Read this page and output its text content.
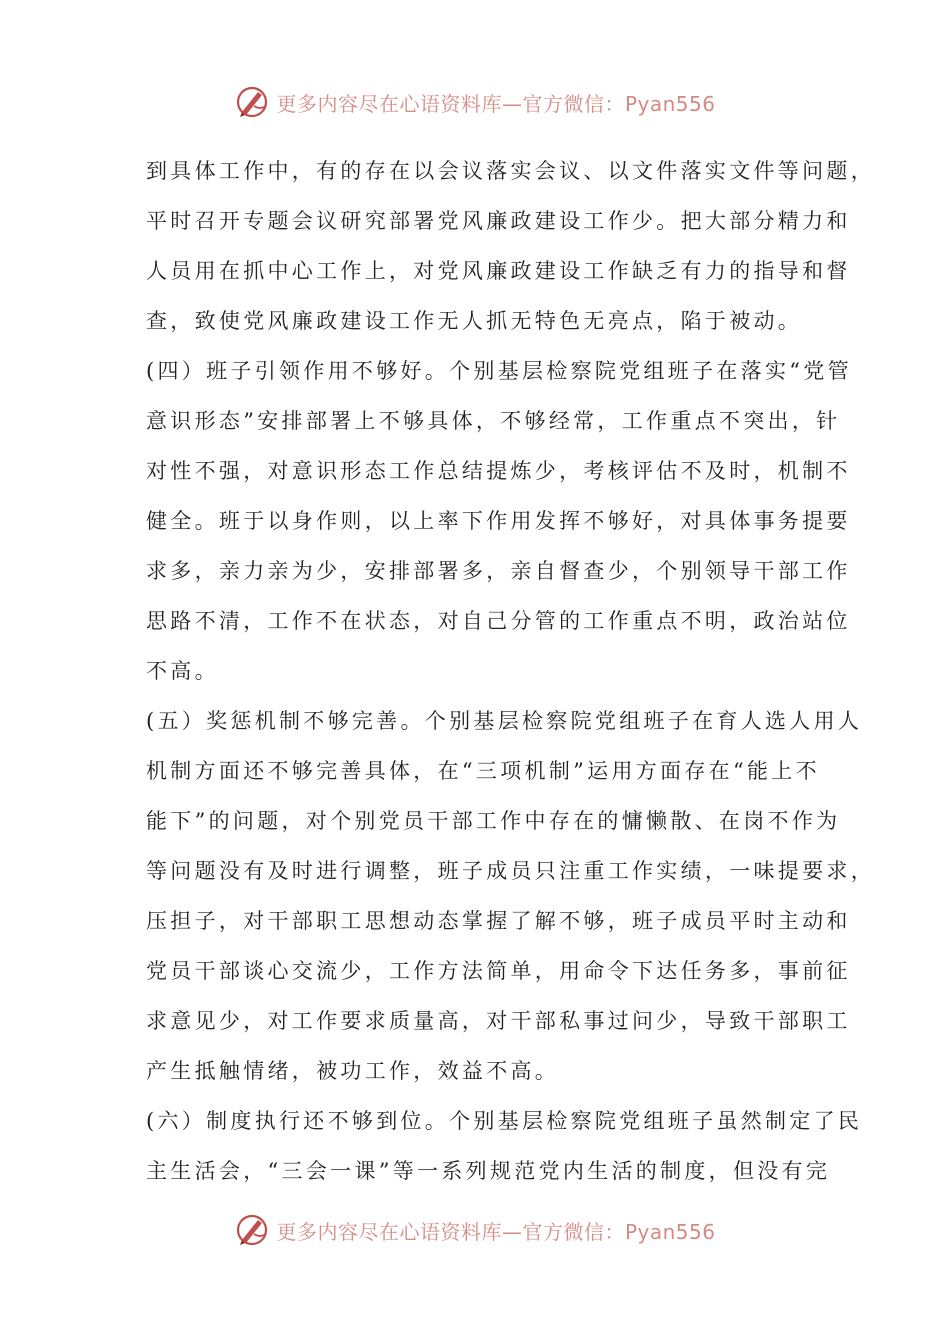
更多内容尽在心语资料库—官方微信：Pyan556
到具体工作中，有的存在以会议落实会议、以文件落实文件等问题，
平时召开专题会议研究部署党风廉政建设工作少。把大部分精力和
人员用在抓中心工作上，对党风廉政建设工作缺乏有力的指导和督
查，致使党风廉政建设工作无人抓无特色无亮点，陷于被动。
(四）班子引领作用不够好。个别基层检察院党组班子在落实“党管
意识形态”安排部署上不够具体，不够经常，工作重点不突出，针
对性不强，对意识形态工作总结提炼少，考核评估不及时，机制不
健全。班于以身作则，以上率下作用发挥不够好，对具体事务提要
求多，亲力亲为少，安排部署多，亲自督查少，个别领导干部工作
思路不清，工作不在状态，对自己分管的工作重点不明，政治站位
不高。
(五）奖惩机制不够完善。个别基层检察院党组班子在育人选人用人
机制方面还不够完善具体，在“三项机制”运用方面存在“能上不
能下”的问题，对个别党员干部工作中存在的慵懒散、在岗不作为
等问题没有及时进行调整，班子成员只注重工作实绩，一味提要求，
压担子，对干部职工思想动态掌握了解不够，班子成员平时主动和
党员干部谈心交流少，工作方法简单，用命令下达任务多，事前征
求意见少，对工作要求质量高，对干部私事过问少，导致干部职工
产生抵触情绪，被功工作，效益不高。
(六）制度执行还不够到位。个别基层检察院党组班子虽然制定了民
主生活会，“三会一课”等一系列规范党内生活的制度，但没有完
更多内容尽在心语资料库—官方微信：Pyan556
